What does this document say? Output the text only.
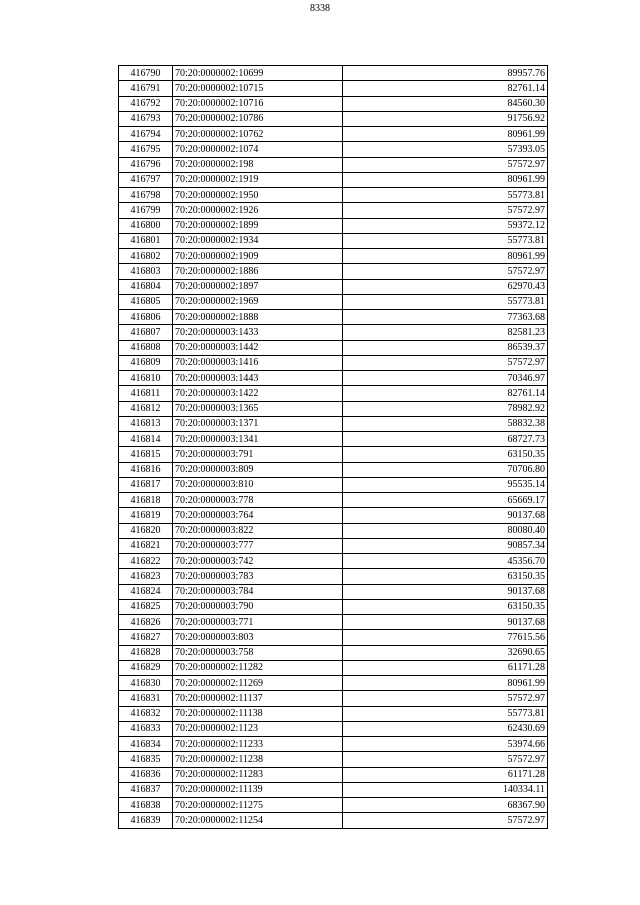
8338
416790	70:20:0000002:10699	89957.76
416791	70:20:0000002:10715	82761.14
416792	70:20:0000002:10716	84560.30
416793	70:20:0000002:10786	91756.92
416794	70:20:0000002:10762	80961.99
416795	70:20:0000002:1074	57393.05
416796	70:20:0000002:198	57572.97
416797	70:20:0000002:1919	80961.99
416798	70:20:0000002:1950	55773.81
416799	70:20:0000002:1926	57572.97
416800	70:20:0000002:1899	59372.12
416801	70:20:0000002:1934	55773.81
416802	70:20:0000002:1909	80961.99
416803	70:20:0000002:1886	57572.97
416804	70:20:0000002:1897	62970.43
416805	70:20:0000002:1969	55773.81
416806	70:20:0000002:1888	77363.68
416807	70:20:0000003:1433	82581.23
416808	70:20:0000003:1442	86539.37
416809	70:20:0000003:1416	57572.97
416810	70:20:0000003:1443	70346.97
416811	70:20:0000003:1422	82761.14
416812	70:20:0000003:1365	78982.92
416813	70:20:0000003:1371	58832.38
416814	70:20:0000003:1341	68727.73
416815	70:20:0000003:791	63150.35
416816	70:20:0000003:809	70706.80
416817	70:20:0000003:810	95535.14
416818	70:20:0000003:778	65669.17
416819	70:20:0000003:764	90137.68
416820	70:20:0000003:822	80080.40
416821	70:20:0000003:777	90857.34
416822	70:20:0000003:742	45356.70
416823	70:20:0000003:783	63150.35
416824	70:20:0000003:784	90137.68
416825	70:20:0000003:790	63150.35
416826	70:20:0000003:771	90137.68
416827	70:20:0000003:803	77615.56
416828	70:20:0000003:758	32690.65
416829	70:20:0000002:11282	61171.28
416830	70:20:0000002:11269	80961.99
416831	70:20:0000002:11137	57572.97
416832	70:20:0000002:11138	55773.81
416833	70:20:0000002:1123	62430.69
416834	70:20:0000002:11233	53974.66
416835	70:20:0000002:11238	57572.97
416836	70:20:0000002:11283	61171.28
416837	70:20:0000002:11139	140334.11
416838	70:20:0000002:11275	68367.90
416839	70:20:0000002:11254	57572.97
